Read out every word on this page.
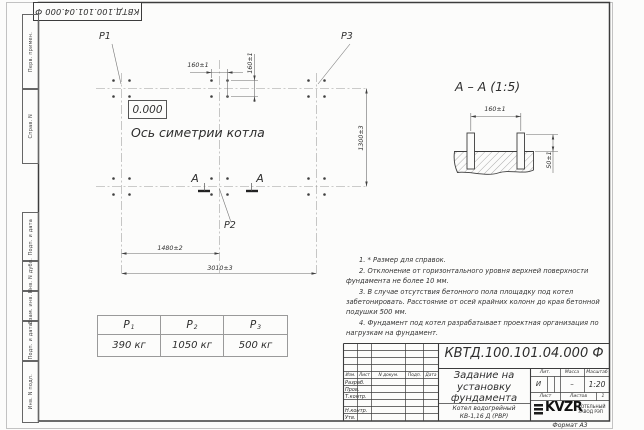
КВТД.100.101.04.000 Ф
Перв. примен.
Справ. N
Подп. и дата
Инв. N дубл.
Взам. инв. N
Подп. и дата
Инв. N подл.
P1	P3
P2
0.000
Ось симетрии котла
160±1	160±1
1480±2
3010±3
1300±3
А	А
А – А (1:5)
160±1
50±1

1. * Размер для справок.

2. Отклонение от горизонтального уровня верхней поверхности фундамента не более 10 мм.

3. В случае отсутствия бетонного пола площадку под котел забетонировать. Расстояние от осей крайних колонн до края бетонной подушки 500 мм.

4. Фундамент под котел разрабатывает проектная организация по нагрузкам на фундамент.

P 1	P 2	P 3
390 кг	1050 кг	500 кг
КВТД.100.101.04.000 Ф
Задание на
установку
фундамента
Котел водогрейный
КВ-1,16 Д (РВР)
Изм. Лист	N докум.	Подп.	Дата
Разраб.
Пров.
Т.контр.
Н.контр.
Утв.
Лит.	Масса	Масштаб
И	–	1:20
Лист	Листов	1
KVZR
КОТЕЛЬНЫЙ
ЗАВОД РЭП
Формат А3
